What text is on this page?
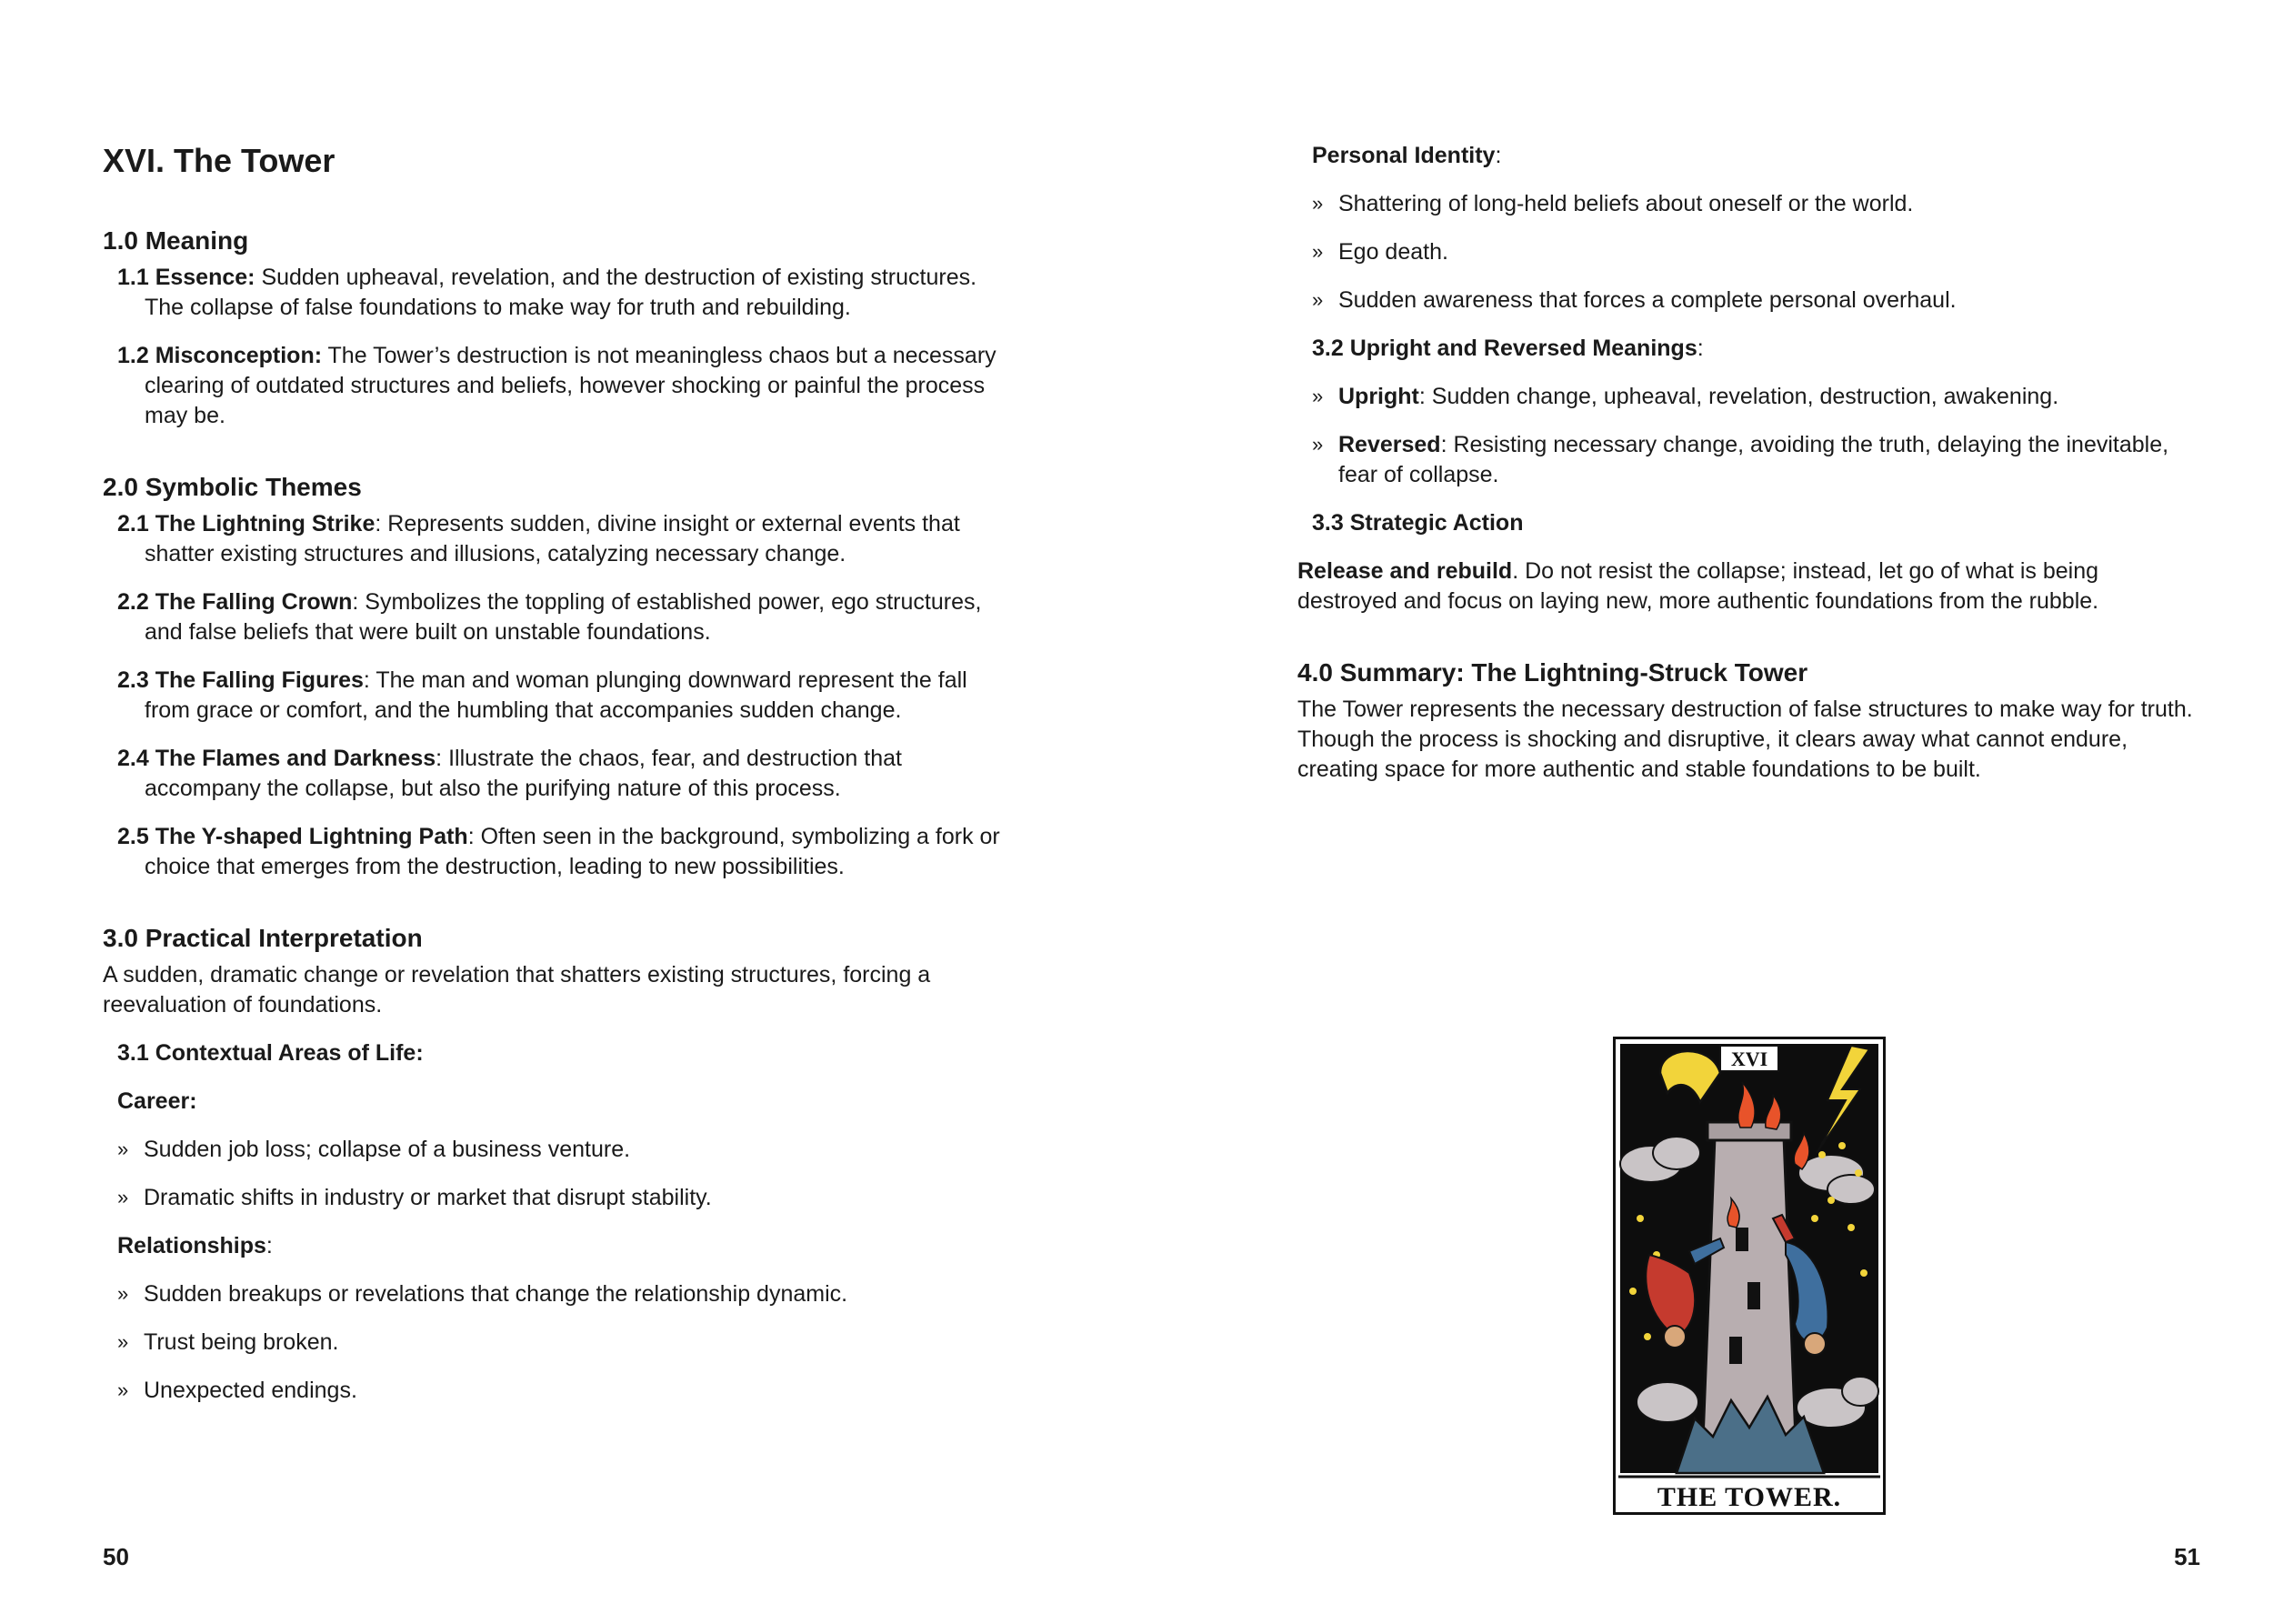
XVI. The Tower
1.0 Meaning
1.1 Essence: Sudden upheaval, revelation, and the destruction of existing structures. The collapse of false foundations to make way for truth and rebuilding.
1.2 Misconception: The Tower’s destruction is not meaningless chaos but a necessary clearing of outdated structures and beliefs, however shocking or painful the process may be.
2.0 Symbolic Themes
2.1 The Lightning Strike: Represents sudden, divine insight or external events that shatter existing structures and illusions, catalyzing necessary change.
2.2 The Falling Crown: Symbolizes the toppling of established power, ego structures, and false beliefs that were built on unstable foundations.
2.3 The Falling Figures: The man and woman plunging downward represent the fall from grace or comfort, and the humbling that accompanies sudden change.
2.4 The Flames and Darkness: Illustrate the chaos, fear, and destruction that accompany the collapse, but also the purifying nature of this process.
2.5 The Y-shaped Lightning Path: Often seen in the background, symbolizing a fork or choice that emerges from the destruction, leading to new possibilities.
3.0 Practical Interpretation
A sudden, dramatic change or revelation that shatters existing structures, forcing a reevaluation of foundations.
3.1 Contextual Areas of Life:
Career:
» Sudden job loss; collapse of a business venture.
» Dramatic shifts in industry or market that disrupt stability.
Relationships:
» Sudden breakups or revelations that change the relationship dynamic.
» Trust being broken.
» Unexpected endings.
50
Personal Identity:
» Shattering of long-held beliefs about oneself or the world.
» Ego death.
» Sudden awareness that forces a complete personal overhaul.
3.2 Upright and Reversed Meanings:
» Upright: Sudden change, upheaval, revelation, destruction, awakening.
» Reversed: Resisting necessary change, avoiding the truth, delaying the inevitable, fear of collapse.
3.3 Strategic Action
Release and rebuild. Do not resist the collapse; instead, let go of what is being destroyed and focus on laying new, more authentic foundations from the rubble.
4.0 Summary: The Lightning-Struck Tower
The Tower represents the necessary destruction of false structures to make way for truth. Though the process is shocking and disruptive, it clears away what cannot endure, creating space for more authentic and stable foundations to be built.
XVI
THE TOWER.
51
